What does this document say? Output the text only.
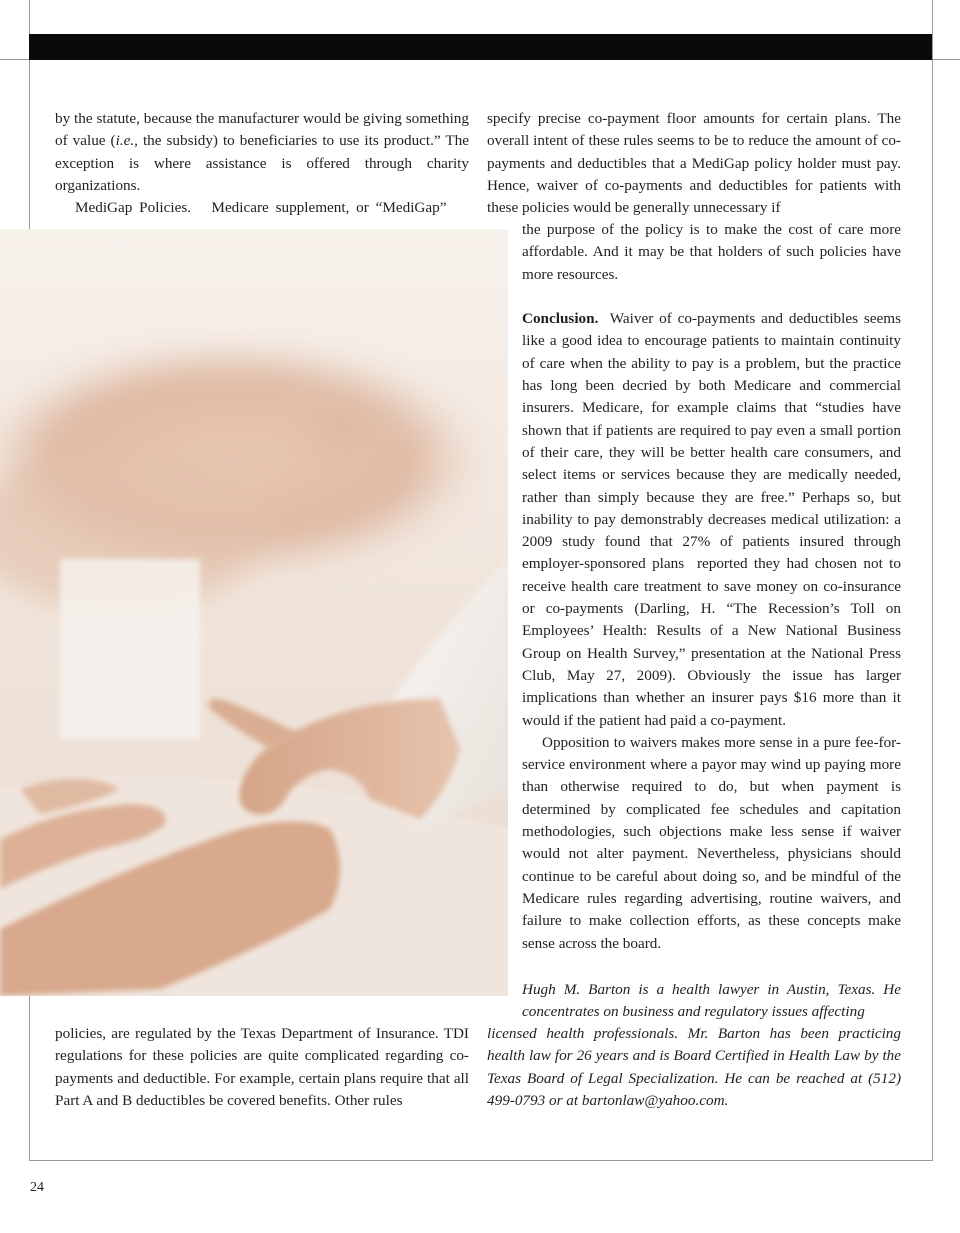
by the statute, because the manufacturer would be giving something of value (i.e., the subsidy) to beneficiaries to use its product.” The exception is where assistance is offered through charity organizations.

MediGap Policies.   Medicare supplement, or “MediGap”

specify precise co-payment floor amounts for certain plans. The overall intent of these rules seems to be to reduce the amount of co-payments and deductibles that a MediGap policy holder must pay. Hence, waiver of co-payments and deductibles for patients with these policies would be generally unnecessary if

the purpose of the policy is to make the cost of care more affordable. And it may be that holders of such policies have more resources.

Conclusion.  Waiver of co-payments and deductibles seems like a good idea to encourage patients to maintain continuity of care when the ability to pay is a problem, but the practice has long been decried by both Medicare and commercial insurers. Medicare, for example claims that “studies have shown that if patients are required to pay even a small portion of their care, they will be better health care consumers, and select items or services because they are medically needed, rather than simply because they are free.” Perhaps so, but inability to pay demonstrably decreases medical utilization: a 2009 study found that 27% of patients insured through employer-sponsored plans  reported they had chosen not to receive health care treatment to save money on co-insurance or co-payments (Darling, H. “The Recession’s Toll on Employees’ Health: Results of a New National Business Group on Health Survey,” presentation at the National Press Club, May 27, 2009). Obviously the issue has larger implications than whether an insurer pays $16 more than it would if the patient had paid a co-payment.

Opposition to waivers makes more sense in a pure fee-for-service environment where a payor may wind up paying more than otherwise required to do, but when payment is determined by complicated fee schedules and capitation methodologies, such objections make less sense if waiver would not alter payment. Nevertheless, physicians should continue to be careful about doing so, and be mindful of the Medicare rules regarding advertising, routine waivers, and failure to make collection efforts, as these concepts make sense across the board.

Hugh M. Barton is a health lawyer in Austin, Texas. He concentrates on business and regulatory issues affecting

policies, are regulated by the Texas Department of Insurance. TDI regulations for these policies are quite complicated regarding co-payments and deductible. For example, certain plans require that all Part A and B deductibles be covered benefits. Other rules

licensed health professionals. Mr. Barton has been practicing health law for 26 years and is Board Certified in Health Law by the Texas Board of Legal Specialization. He can be reached at (512) 499-0793 or at bartonlaw@yahoo.com.

24
